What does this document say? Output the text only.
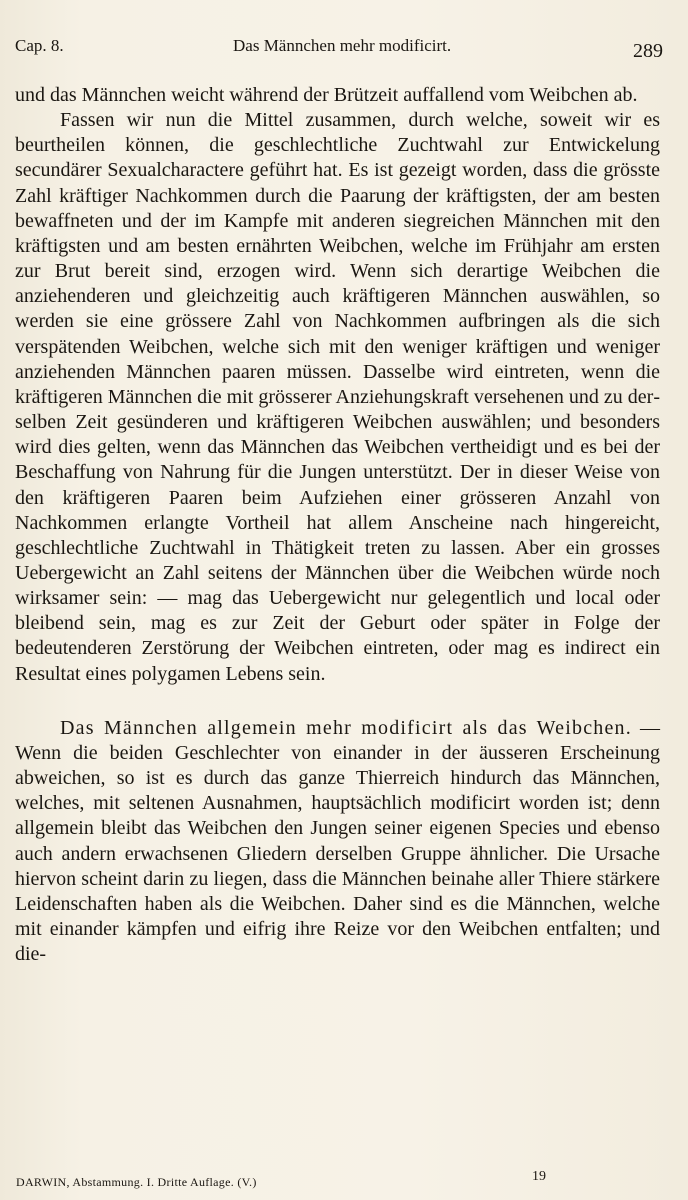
Cap. 8.	Das Männchen mehr modificirt.	289

und das Männchen weicht während der Brützeit auffallend vom Weibchen ab.

Fassen wir nun die Mittel zusammen, durch welche, soweit wir es beurtheilen können, die geschlechtliche Zuchtwahl zur Entwickelung secundärer Sexualcharactere geführt hat. Es ist gezeigt worden, dass die grösste Zahl kräftiger Nachkommen durch die Paarung der kräftigsten, der am besten bewaffneten und der im Kampfe mit anderen siegreichen Männchen mit den kräftigsten und am besten ernährten Weibchen, welche im Frühjahr am ersten zur Brut bereit sind, erzogen wird. Wenn sich derartige Weibchen die anziehenderen und gleichzeitig auch kräftigeren Männchen auswählen, so werden sie eine grössere Zahl von Nachkommen aufbringen als die sich verspätenden Weibchen, welche sich mit den weniger kräftigen und weniger anziehenden Männchen paaren müssen. Dasselbe wird eintreten, wenn die kräftigeren Männchen die mit grösserer Anziehungskraft versehenen und zu derselben Zeit gesünderen und kräftigeren Weibchen auswählen; und besonders wird dies gelten, wenn das Männchen das Weibchen vertheidigt und es bei der Beschaffung von Nahrung für die Jungen unterstützt. Der in dieser Weise von den kräftigeren Paaren beim Aufziehen einer grösseren Anzahl von Nachkommen erlangte Vortheil hat allem Anscheine nach hingereicht, geschlechtliche Zuchtwahl in Thätigkeit treten zu lassen. Aber ein grosses Uebergewicht an Zahl seitens der Männchen über die Weibchen würde noch wirksamer sein: — mag das Uebergewicht nur gelegentlich und local oder bleibend sein, mag es zur Zeit der Geburt oder später in Folge der bedeutenderen Zerstörung der Weibchen eintreten, oder mag es indirect ein Resultat eines polygamen Lebens sein.

Das Männchen allgemein mehr modificirt als das Weibchen. — Wenn die beiden Geschlechter von einander in der äusseren Erscheinung abweichen, so ist es durch das ganze Thierreich hindurch das Männchen, welches, mit seltenen Ausnahmen, hauptsächlich modificirt worden ist; denn allgemein bleibt das Weibchen den Jungen seiner eigenen Species und ebenso auch andern erwachsenen Gliedern derselben Gruppe ähnlicher. Die Ursache hiervon scheint darin zu liegen, dass die Männchen beinahe aller Thiere stärkere Leidenschaften haben als die Weibchen. Daher sind es die Männchen, welche mit einander kämpfen und eifrig ihre Reize vor den Weibchen entfalten; und die-

DARWIN, Abstammung. I. Dritte Auflage. (V.)	19
